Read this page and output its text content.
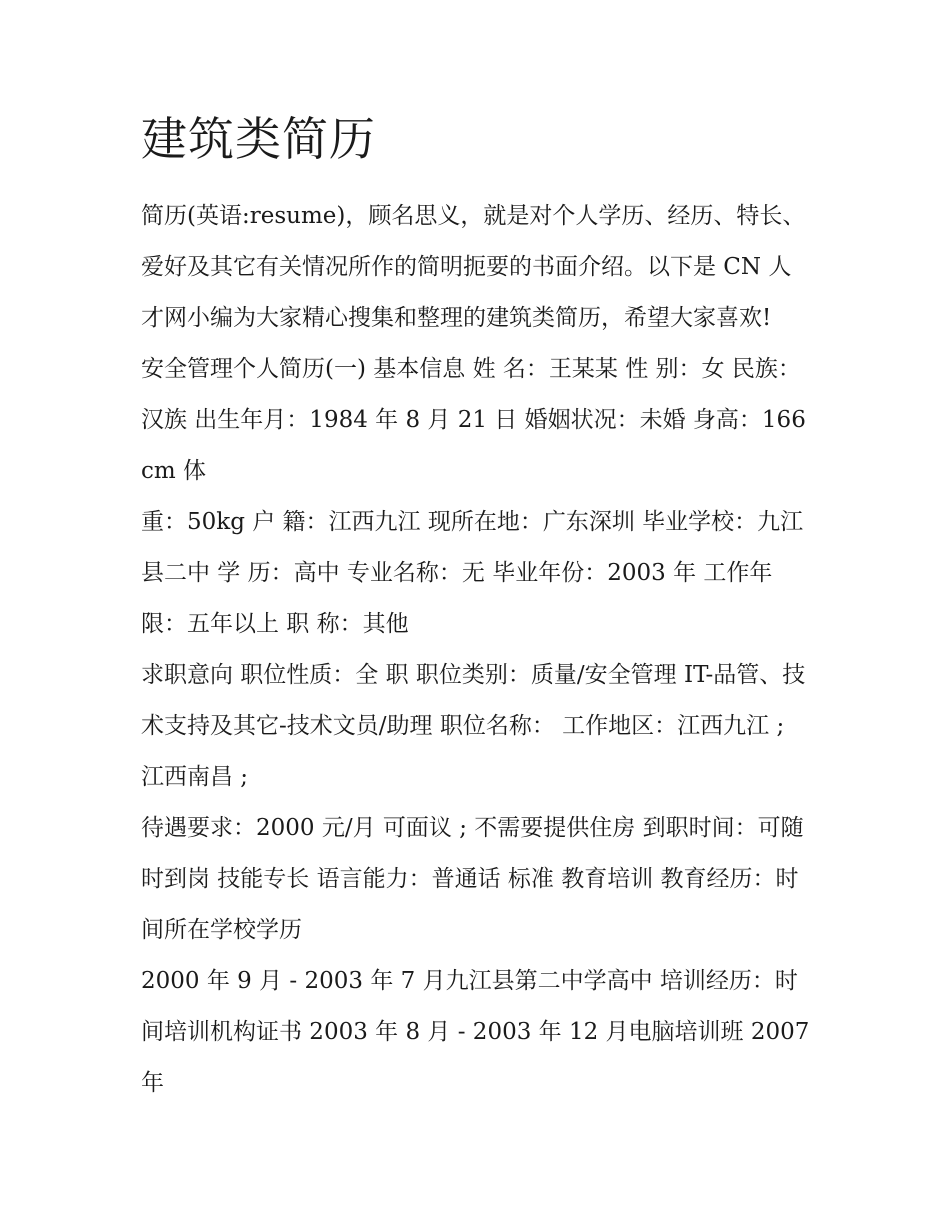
建筑类简历

简历(英语:resume)，顾名思义，就是对个人学历、经历、特长、爱好及其它有关情况所作的简明扼要的书面介绍。以下是 CN 人才网小编为大家精心搜集和整理的建筑类简历，希望大家喜欢!

安全管理个人简历(一) 基本信息 姓 名：王某某 性 别：女 民族：汉族 出生年月：1984 年 8 月 21 日 婚姻状况：未婚 身高：166cm 体

重：50kg 户 籍：江西九江 现所在地：广东深圳 毕业学校：九江县二中 学 历：高中 专业名称：无 毕业年份：2003 年 工作年限：五年以上 职 称：其他

求职意向 职位性质：全 职 职位类别：质量/安全管理 IT-品管、技术支持及其它-技术文员/助理 职位名称： 工作地区：江西九江 ; 江西南昌 ;

待遇要求：2000 元/月 可面议 ; 不需要提供住房 到职时间：可随时到岗 技能专长 语言能力：普通话 标准 教育培训 教育经历：时间所在学校学历

2000 年 9 月 - 2003 年 7 月九江县第二中学高中 培训经历：时间培训机构证书 2003 年 8 月 - 2003 年 12 月电脑培训班 2007 年
